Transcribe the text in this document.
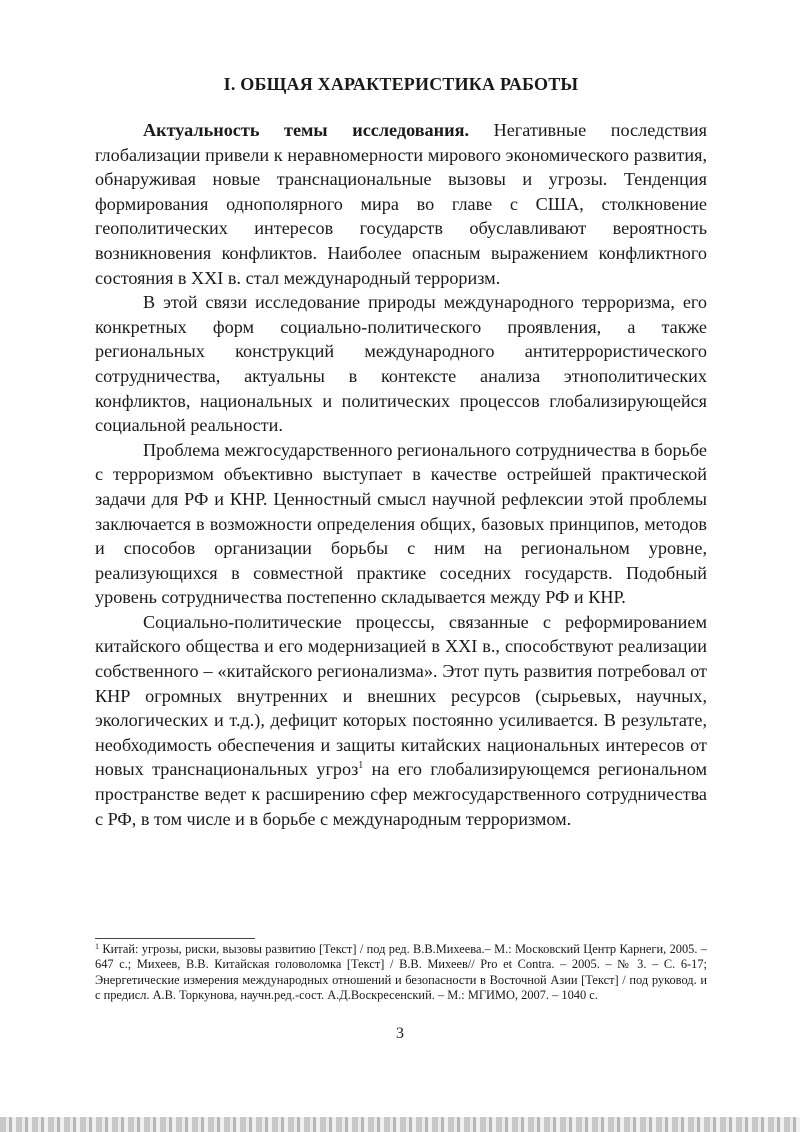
I. ОБЩАЯ ХАРАКТЕРИСТИКА РАБОТЫ

Актуальность темы исследования. Негативные последствия глобализации привели к неравномерности мирового экономического развития, обнаруживая новые транснациональные вызовы и угрозы. Тенденция формирования однополярного мира во главе с США, столкновение геополитических интересов государств обуславливают вероятность возникновения конфликтов. Наиболее опасным выражением конфликтного состояния в XXI в. стал международный терроризм.

В этой связи исследование природы международного терроризма, его конкретных форм социально-политического проявления, а также региональных конструкций международного антитеррористического сотрудничества, актуальны в контексте анализа этнополитических конфликтов, национальных и политических процессов глобализирующейся социальной реальности.

Проблема межгосударственного регионального сотрудничества в борьбе с терроризмом объективно выступает в качестве острейшей практической задачи для РФ и КНР. Ценностный смысл научной рефлексии этой проблемы заключается в возможности определения общих, базовых принципов, методов и способов организации борьбы с ним на региональном уровне, реализующихся в совместной практике соседних государств. Подобный уровень сотрудничества постепенно складывается между РФ и КНР.

Социально-политические процессы, связанные с реформированием китайского общества и его модернизацией в XXI в., способствуют реализации собственного – «китайского регионализма». Этот путь развития потребовал от КНР огромных внутренних и внешних ресурсов (сырьевых, научных, экологических и т.д.), дефицит которых постоянно усиливается. В результате, необходимость обеспечения и защиты китайских национальных интересов от новых транснациональных угроз$^1$ на его глобализирующемся региональном пространстве ведет к расширению сфер межгосударственного сотрудничества с РФ, в том числе и в борьбе с международным терроризмом.

$^1$ Китай: угрозы, риски, вызовы развитию [Текст] / под ред. В.В.Михеева.– М.: Московский Центр Карнеги, 2005. – 647 с.; Михеев, В.В. Китайская головоломка [Текст] / В.В. Михеев// Pro et Contra. – 2005. – № 3. – С. 6-17; Энергетические измерения международных отношений и безопасности в Восточной Азии [Текст] / под руковод. и с предисл. А.В. Торкунова, научн.ред.-сост. А.Д.Воскресенский. – М.: МГИМО, 2007. – 1040 с.
3
